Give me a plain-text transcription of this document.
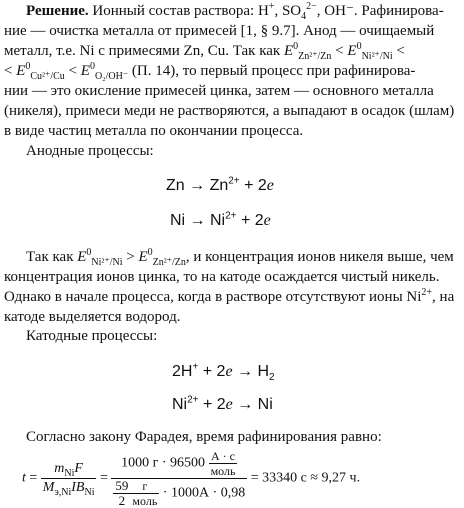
Решение. Ионный состав раствора: H+, $SO_4^{2-}$, OH⁻. Рафинирова-
ние — очистка металла от примесей [1, § 9.7]. Анод — очищаемый
металл, т.е. Ni с примесями Zn, Cu. Так как $E^0_{Zn^{2+}/Zn} < E^0_{Ni^{2+}/Ni}$ <
< $E^0_{Cu^{2+}/Cu} < E^0_{O_2/OH^-}$ (П. 14), то первый процесс при рафинирова-
нии — это окисление примесей цинка, затем — основного металла
(никеля), примеси меди не растворяются, а выпадают в осадок (шлам)
в виде частиц металла по окончании процесса.
Анодные процессы:
$Zn \to Zn^{2+} + 2e$
$Ni \to Ni^{2+} + 2e$
Так как $E^0_{Ni^{2+}/Ni} > E^0_{Zn^{2+}/Zn}$, и концентрация ионов никеля выше, чем
концентрация ионов цинка, то на катоде осаждается чистый никель.
Однако в начале процесса, когда в растворе отсутствуют ионы $Ni^{2+}$, на
катоде выделяется водород.
Катодные процессы:
$2H^+ + 2e \to H_2$
$Ni^{2+} + 2e \to Ni$
Согласно закону Фарадея, время рафинирования равно:
$t = \frac{m_{Ni}F}{M_{э,Ni}IB_{Ni}} = \frac{1000 г \cdot 96500 \frac{А \cdot с}{\text{моль}}}{\frac{59}{2} \frac{г}{\text{моль}} \cdot 1000А \cdot 0,98} = 33340$ с ≈ 9,27 ч.
